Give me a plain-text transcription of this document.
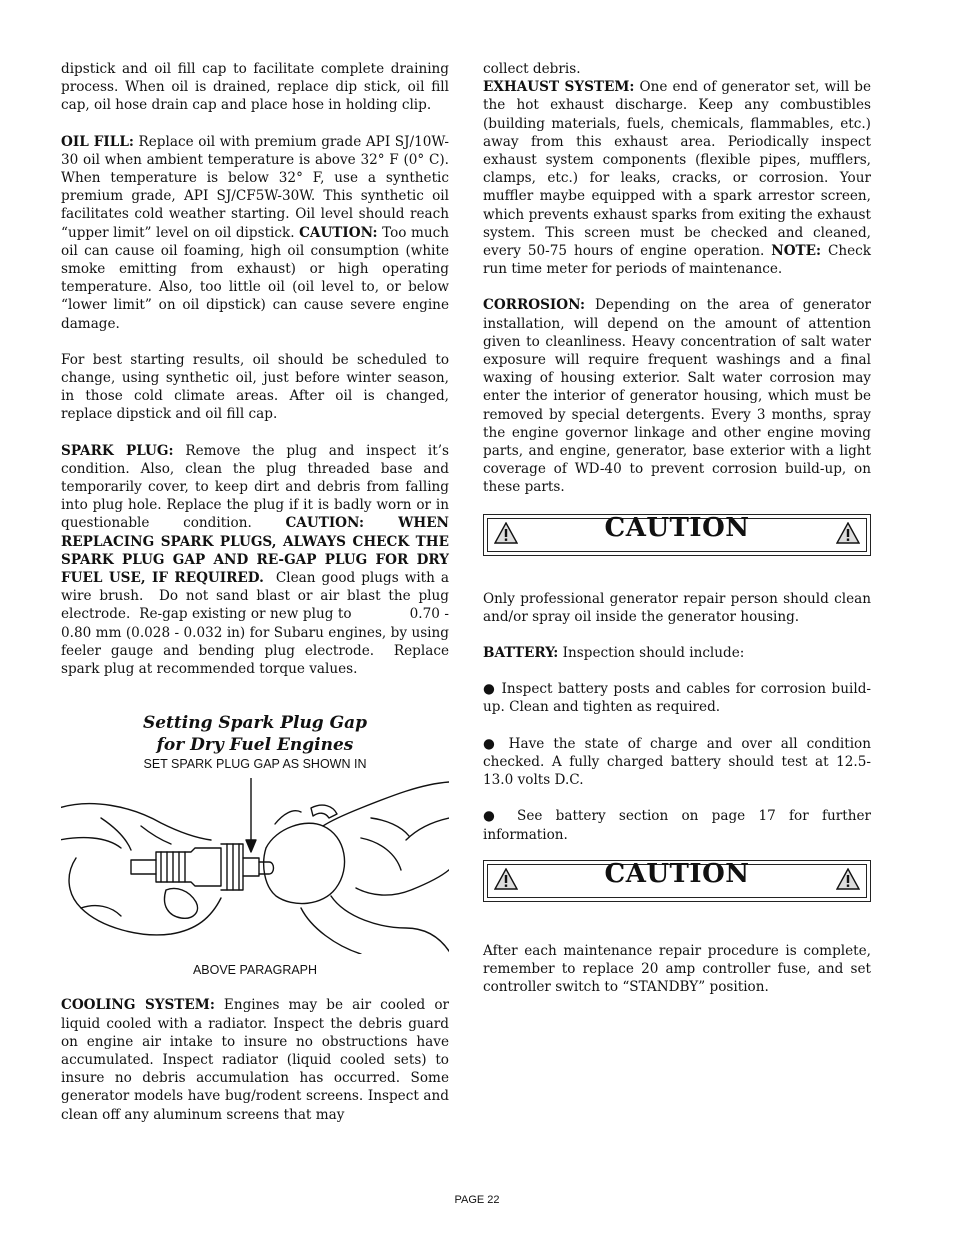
dipstick and oil fill cap to facilitate complete draining process. When oil is drained, replace dip stick, oil fill cap, oil hose drain cap and place hose in holding clip.

OIL FILL: Replace oil with premium grade API SJ/10W-30 oil when ambient temperature is above 32° F (0° C). When temperature is below 32° F, use a synthetic premium grade, API SJ/CF5W-30W. This synthetic oil facilitates cold weather starting. Oil level should reach “upper limit” level on oil dipstick. CAUTION: Too much oil can cause oil foaming, high oil consumption (white smoke emitting from exhaust) or high operating temperature. Also, too little oil (oil level to, or below “lower limit” on oil dipstick) can cause severe engine damage.

For best starting results, oil should be scheduled to change, using synthetic oil, just before winter season, in those cold climate areas. After oil is changed, replace dipstick and oil fill cap.

SPARK PLUG: Remove the plug and inspect it’s condition. Also, clean the plug threaded base and temporarily cover, to keep dirt and debris from falling into plug hole. Replace the plug if it is badly worn or in questionable condition. CAUTION: WHEN REPLACING SPARK PLUGS, ALWAYS CHECK THE SPARK PLUG GAP AND RE-GAP PLUG FOR DRY FUEL USE, IF REQUIRED.  Clean good plugs with a wire brush.  Do not sand blast or air blast the plug electrode.  Re-gap existing or new plug to             0.70 - 0.80 mm (0.028 - 0.032 in) for Subaru engines, by using feeler gauge and bending plug electrode.  Replace spark plug at recommended torque values.

Setting Spark Plug Gap
for Dry Fuel Engines
SET SPARK PLUG GAP AS SHOWN IN
ABOVE PARAGRAPH

COOLING SYSTEM: Engines may be air cooled or liquid cooled with a radiator. Inspect the debris guard on engine air intake to insure no obstructions have accumulated. Inspect radiator (liquid cooled sets) to insure no debris accumulation has occurred. Some generator models have bug/rodent screens. Inspect and clean off any aluminum screens that may

collect debris.

EXHAUST SYSTEM: One end of generator set, will be the hot exhaust discharge. Keep any combustibles (building materials, fuels, chemicals, flammables, etc.) away from this exhaust area. Periodically inspect exhaust system components (flexible pipes, mufflers, clamps, etc.) for leaks, cracks, or corrosion. Your muffler maybe equipped with a spark arrestor screen, which prevents exhaust sparks from exiting the exhaust system. This screen must be checked and cleaned, every 50-75 hours of engine operation. NOTE: Check run time meter for periods of maintenance.

CORROSION: Depending on the area of generator installation, will depend on the amount of attention given to cleanliness. Heavy concentration of salt water exposure will require frequent washings and a final waxing of housing exterior. Salt water corrosion may enter the interior of generator housing, which must be removed by special detergents. Every 3 months, spray the engine governor linkage and other engine moving parts, and engine, generator, base exterior with a light coverage of WD-40 to prevent corrosion build-up, on these parts.

CAUTION

Only professional generator repair person should clean and/or spray oil inside the generator housing.

BATTERY: Inspection should include:

● Inspect battery posts and cables for corrosion build-up. Clean and tighten as required.

● Have the state of charge and over all condition checked. A fully charged battery should test at 12.5-13.0 volts D.C.

● See battery section on page 17 for further information.

CAUTION

After each maintenance repair procedure is complete, remember to replace 20 amp controller fuse, and set controller switch to “STANDBY” position.

PAGE 22
